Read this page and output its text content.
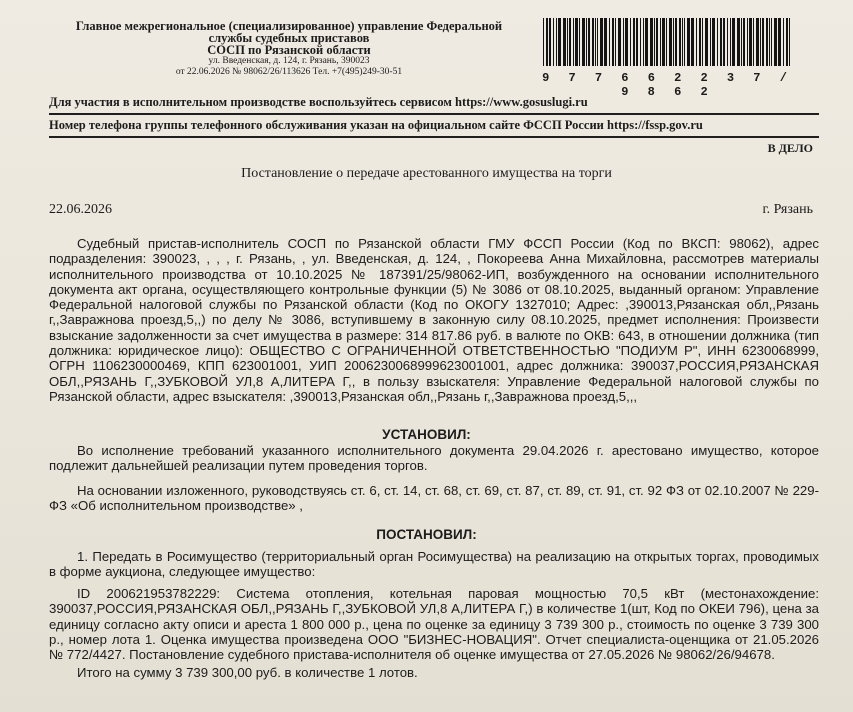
Главное межрегиональное (специализированное) управление Федеральной
службы судебных приставов
СОСП по Рязанской области
ул. Введенская, д. 124, г. Рязань, 390023
от 22.06.2026 № 98062/26/113626 Тел. +7(495)249-30-51	9 7 7 6 6 2 2 3 7 / 9 8 6 2
Для участия в исполнительном производстве воспользуйтесь сервисом https://www.gosuslugi.ru
Номер телефона группы телефонного обслуживания указан на официальном сайте ФССП России https://fssp.gov.ru
В ДЕЛО
Постановление о передаче арестованного имущества на торги
22.06.2026	г. Рязань

Судебный пристав-исполнитель СОСП по Рязанской области ГМУ ФССП России (Код по ВКСП: 98062), адрес подразделения: 390023, , , , г. Рязань, , ул. Введенская, д. 124, , Покореева Анна Михайловна, рассмотрев материалы исполнительного производства от 10.10.2025 № 187391/25/98062-ИП, возбужденного на основании исполнительного документа акт органа, осуществляющего контрольные функции (5) № 3086 от 08.10.2025, выданный органом: Управление Федеральной налоговой службы по Рязанской области (Код по ОКОГУ 1327010; Адрес: ,390013,Рязанская обл,,Рязань г,,Завражнова проезд,5,,) по делу № 3086, вступившему в законную силу 08.10.2025, предмет исполнения: Произвести взыскание задолженности за счет имущества в размере: 314 817.86 руб. в валюте по ОКВ: 643, в отношении должника (тип должника: юридическое лицо): ОБЩЕСТВО С ОГРАНИЧЕННОЙ ОТВЕТСТВЕННОСТЬЮ "ПОДИУМ Р", ИНН 6230068999, ОГРН 1106230000469, КПП 623001001, УИП 200623006899962300100​1, адрес должника: 390037,РОССИЯ,РЯЗАНСКАЯ ОБЛ,,РЯЗАНЬ Г,,ЗУБКОВОЙ УЛ,8 А,ЛИТЕРА Г,, в пользу взыскателя: Управление Федеральной налоговой службы по Рязанской области, адрес взыскателя: ,390013,Рязанская обл,,Рязань г,,Завражнова проезд,5,,,

УСТАНОВИЛ:

Во исполнение требований указанного исполнительного документа 29.04.2026 г. арестовано имущество, которое подлежит дальнейшей реализации путем проведения торгов.

На основании изложенного, руководствуясь ст. 6, ст. 14, ст. 68, ст. 69, ст. 87, ст. 89, ст. 91, ст. 92 ФЗ от 02.10.2007 № 229-ФЗ «Об исполнительном производстве» ,

ПОСТАНОВИЛ:

1. Передать в Росимущество (территориальный орган Росимущества) на реализацию на открытых торгах, проводимых в форме аукциона, следующее имущество:

ID 200621953782229: Система отопления, котельная паровая мощностью 70,5 кВт (местонахождение: 390037,РОССИЯ,РЯЗАНСКАЯ ОБЛ,,РЯЗАНЬ Г,,ЗУБКОВОЙ УЛ,8 А,ЛИТЕРА Г,) в количестве 1(шт, Код по ОКЕИ 796), цена за единицу согласно акту описи и ареста 1 800 000 р., цена по оценке за единицу 3 739 300 р., стоимость по оценке 3 739 300 р., номер лота 1. Оценка имущества произведена ООО "БИЗНЕС-НОВАЦИЯ". Отчет специалиста-оценщика от 21.05.2026 № 772/4427. Постановление судебного пристава-исполнителя об оценке имущества от 27.05.2026 № 98062/26/94678.

Итого на сумму 3 739 300,00 руб. в количестве 1 лотов.
